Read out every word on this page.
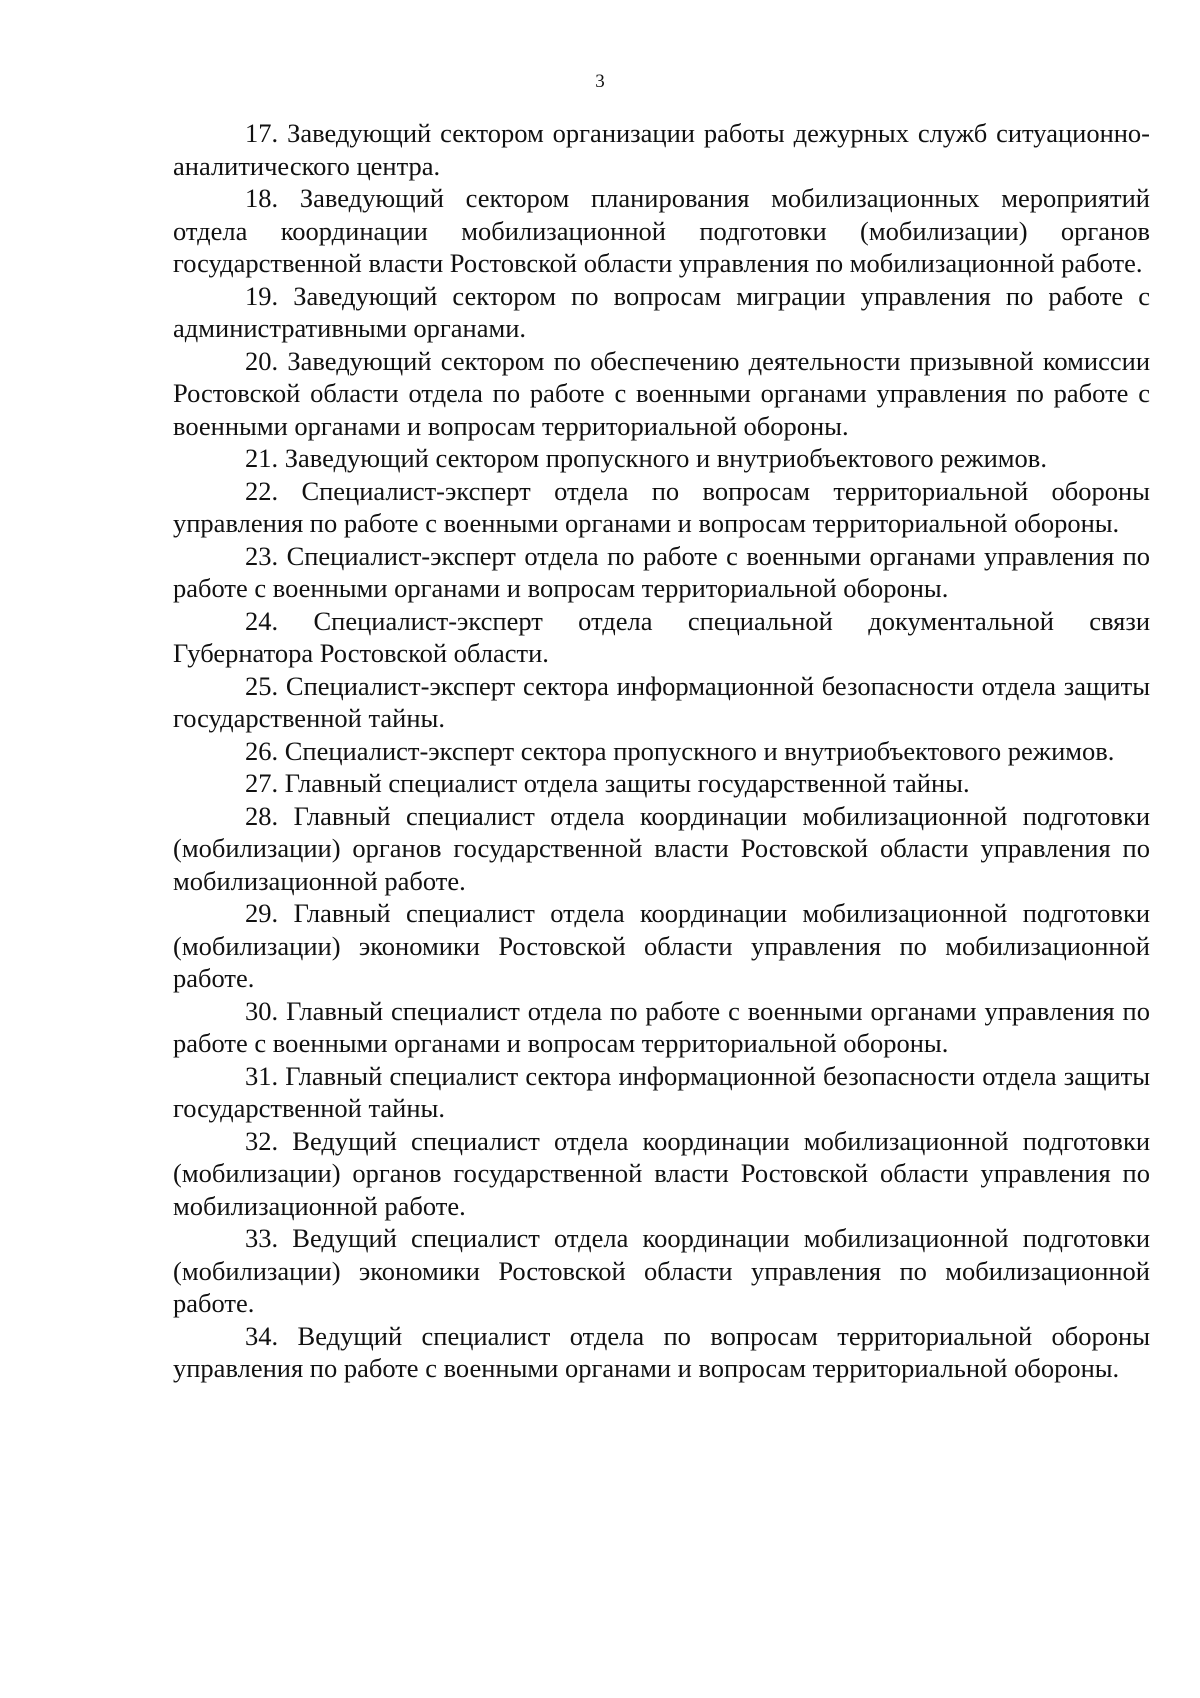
3

17. Заведующий сектором организации работы дежурных служб ситуационно-аналитического центра.

18. Заведующий сектором планирования мобилизационных мероприятий отдела координации мобилизационной подготовки (мобилизации) органов государственной власти Ростовской области управления по мобилизационной работе.

19. Заведующий сектором по вопросам миграции управления по работе с административными органами.

20. Заведующий сектором по обеспечению деятельности призывной комиссии Ростовской области отдела по работе с военными органами управления по работе с военными органами и вопросам территориальной обороны.

21. Заведующий сектором пропускного и внутриобъектового режимов.

22. Специалист-эксперт отдела по вопросам территориальной обороны управления по работе с военными органами и вопросам территориальной обороны.

23. Специалист-эксперт отдела по работе с военными органами управления по работе с военными органами и вопросам территориальной обороны.

24. Специалист-эксперт отдела специальной документальной связи Губернатора Ростовской области.

25. Специалист-эксперт сектора информационной безопасности отдела защиты государственной тайны.

26. Специалист-эксперт сектора пропускного и внутриобъектового режимов.

27. Главный специалист отдела защиты государственной тайны.

28. Главный специалист отдела координации мобилизационной подготовки (мобилизации) органов государственной власти Ростовской области управления по мобилизационной работе.

29. Главный специалист отдела координации мобилизационной подготовки (мобилизации) экономики Ростовской области управления по мобилизационной работе.

30. Главный специалист отдела по работе с военными органами управления по работе с военными органами и вопросам территориальной обороны.

31. Главный специалист сектора информационной безопасности отдела защиты государственной тайны.

32. Ведущий специалист отдела координации мобилизационной подготовки (мобилизации) органов государственной власти Ростовской области управления по мобилизационной работе.

33. Ведущий специалист отдела координации мобилизационной подготовки (мобилизации) экономики Ростовской области управления по мобилизационной работе.

34. Ведущий специалист отдела по вопросам территориальной обороны управления по работе с военными органами и вопросам территориальной обороны.
